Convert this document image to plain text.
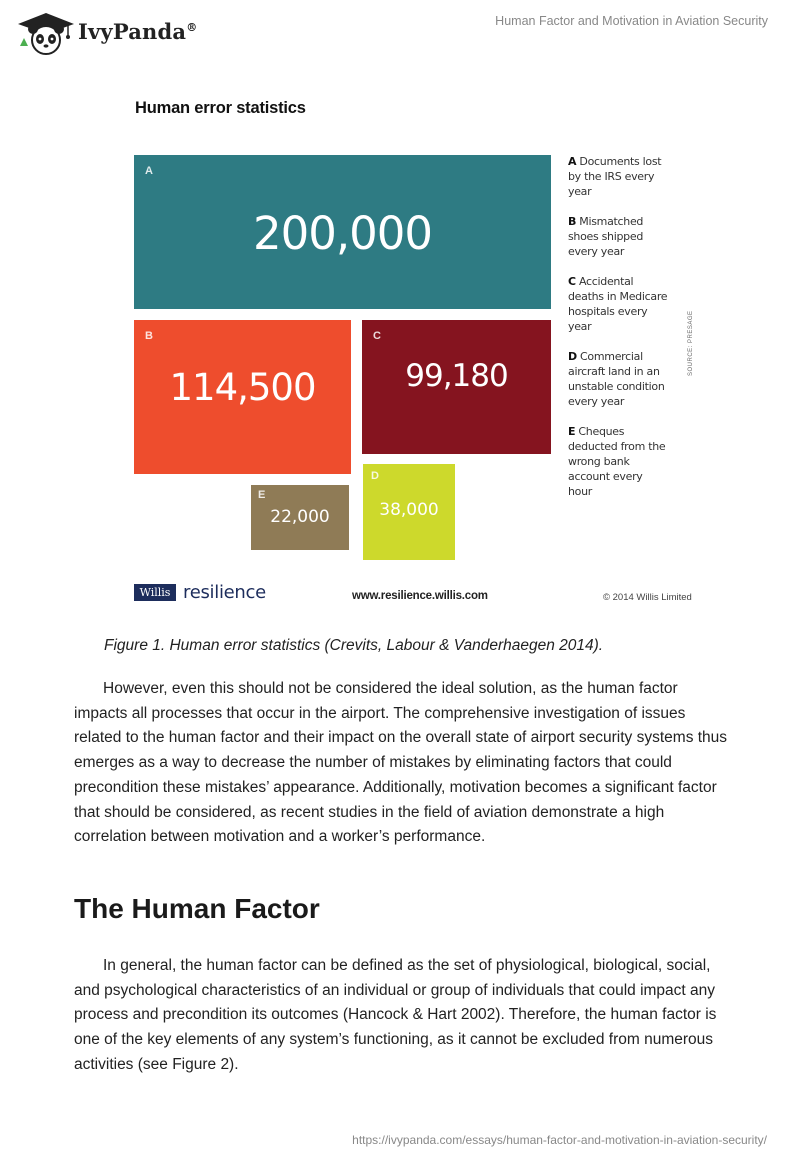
IvyPanda®	Human Factor and Motivation in Aviation Security
Human error statistics
A
200,000
B
114,500
C
99,180
D
38,000
E
22,000
A Documents lost by the IRS every year
B Mismatched shoes shipped every year
C Accidental deaths in Medicare hospitals every year
D Commercial aircraft land in an unstable condition every year
E Cheques deducted from the wrong bank account every hour
SOURCE: PRESAGE
Willis resilience	www.resilience.willis.com	© 2014 Willis Limited
Figure 1. Human error statistics (Crevits, Labour & Vanderhaegen 2014).

However, even this should not be considered the ideal solution, as the human factor impacts all processes that occur in the airport. The comprehensive investigation of issues related to the human factor and their impact on the overall state of airport security systems thus emerges as a way to decrease the number of mistakes by eliminating factors that could precondition these mistakes’ appearance. Additionally, motivation becomes a significant factor that should be considered, as recent studies in the field of aviation demonstrate a high correlation between motivation and a worker’s performance.

The Human Factor

In general, the human factor can be defined as the set of physiological, biological, social, and psychological characteristics of an individual or group of individuals that could impact any process and precondition its outcomes (Hancock & Hart 2002). Therefore, the human factor is one of the key elements of any system’s functioning, as it cannot be excluded from numerous activities (see Figure 2).

https://ivypanda.com/essays/human-factor-and-motivation-in-aviation-security/
